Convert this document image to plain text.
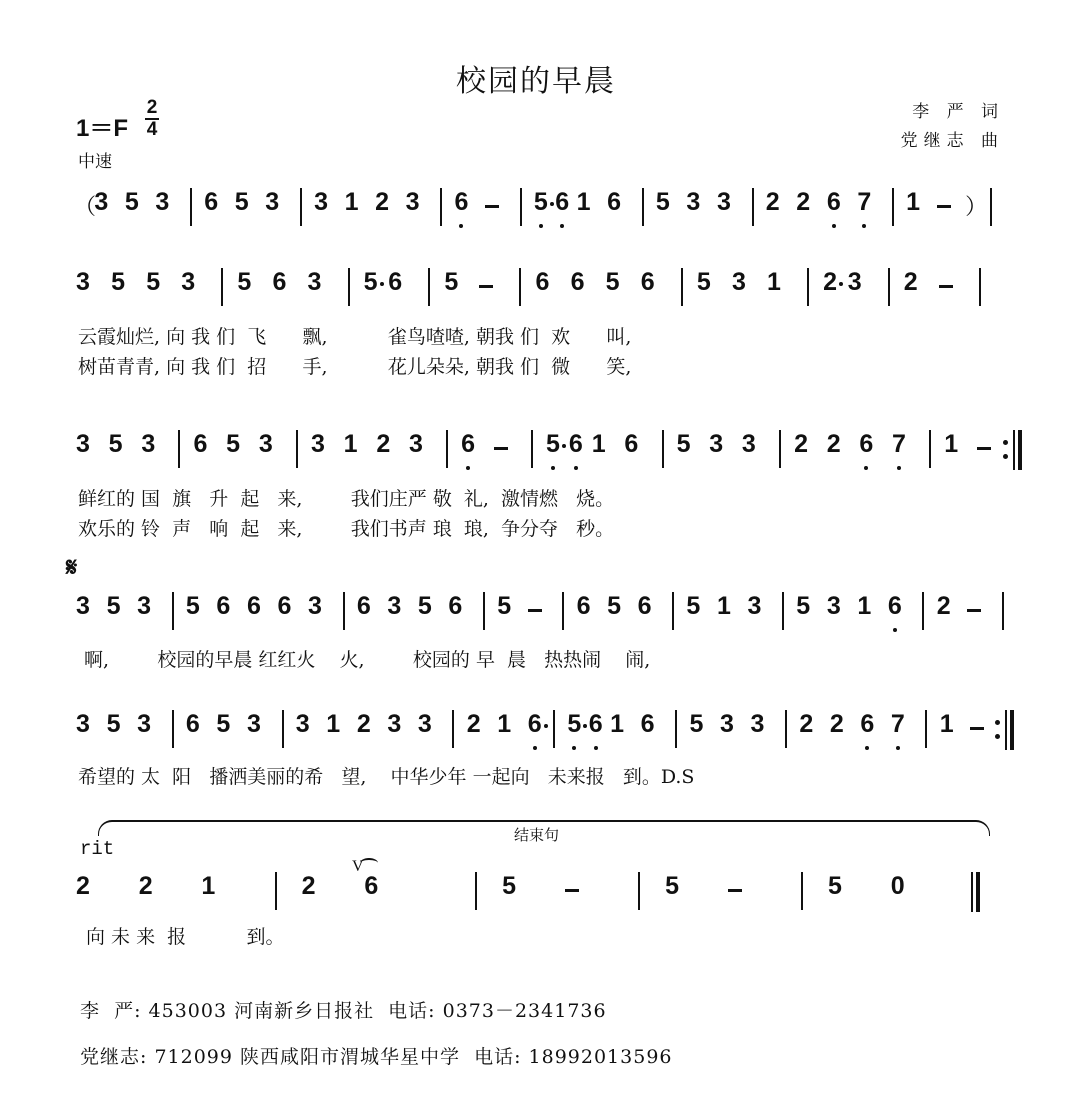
校园的早晨
1＝F
2
4
中速
李 严 词
党继志 曲
（
3 5 3 6 5 3 3 1 2 3 6	5 6 1 6 5 3 3 2 2 6 7 1 ）
3 5 5 3 5 6 3 5 6 5	6 6 5 6 5 3 1 2 3 2
云霞灿烂, 向 我 们  飞      飘,          雀鸟喳喳, 朝我 们  欢      叫,
树苗青青, 向 我 们  招      手,          花儿朵朵, 朝我 们  微      笑,
3 5 3 6 5 3 3 1 2 3 6	5 6 1 6 5 3 3 2 2 6 7 1
鲜红的 国  旗   升  起   来,        我们庄严 敬  礼,  激情燃   烧。
欢乐的 铃  声   响  起   来,        我们书声 琅  琅,  争分夺   秒。
𝄋
3 5 3 5 6 6 6 3 6 3 5 6 5	6 5 6 5 1 3 5 3 1 6 2
啊,        校园的早晨 红红火    火,        校园的 早  晨   热热闹    闹,
3 5 3 6 5 3 3 1 2 3 3 2 1 6 5 6 1 6 5 3 3 2 2 6 7 1
希望的 太  阳   播洒美丽的希   望,    中华少年 一起向   未来报   到。D.S
结束句
rit
2 2 1	2 6	5	5	5 0
V
向 未 来  报          到。
李  严: 453003 河南新乡日报社  电话: 0373－2341736
党继志: 712099 陕西咸阳市渭城华星中学  电话: 18992013596
